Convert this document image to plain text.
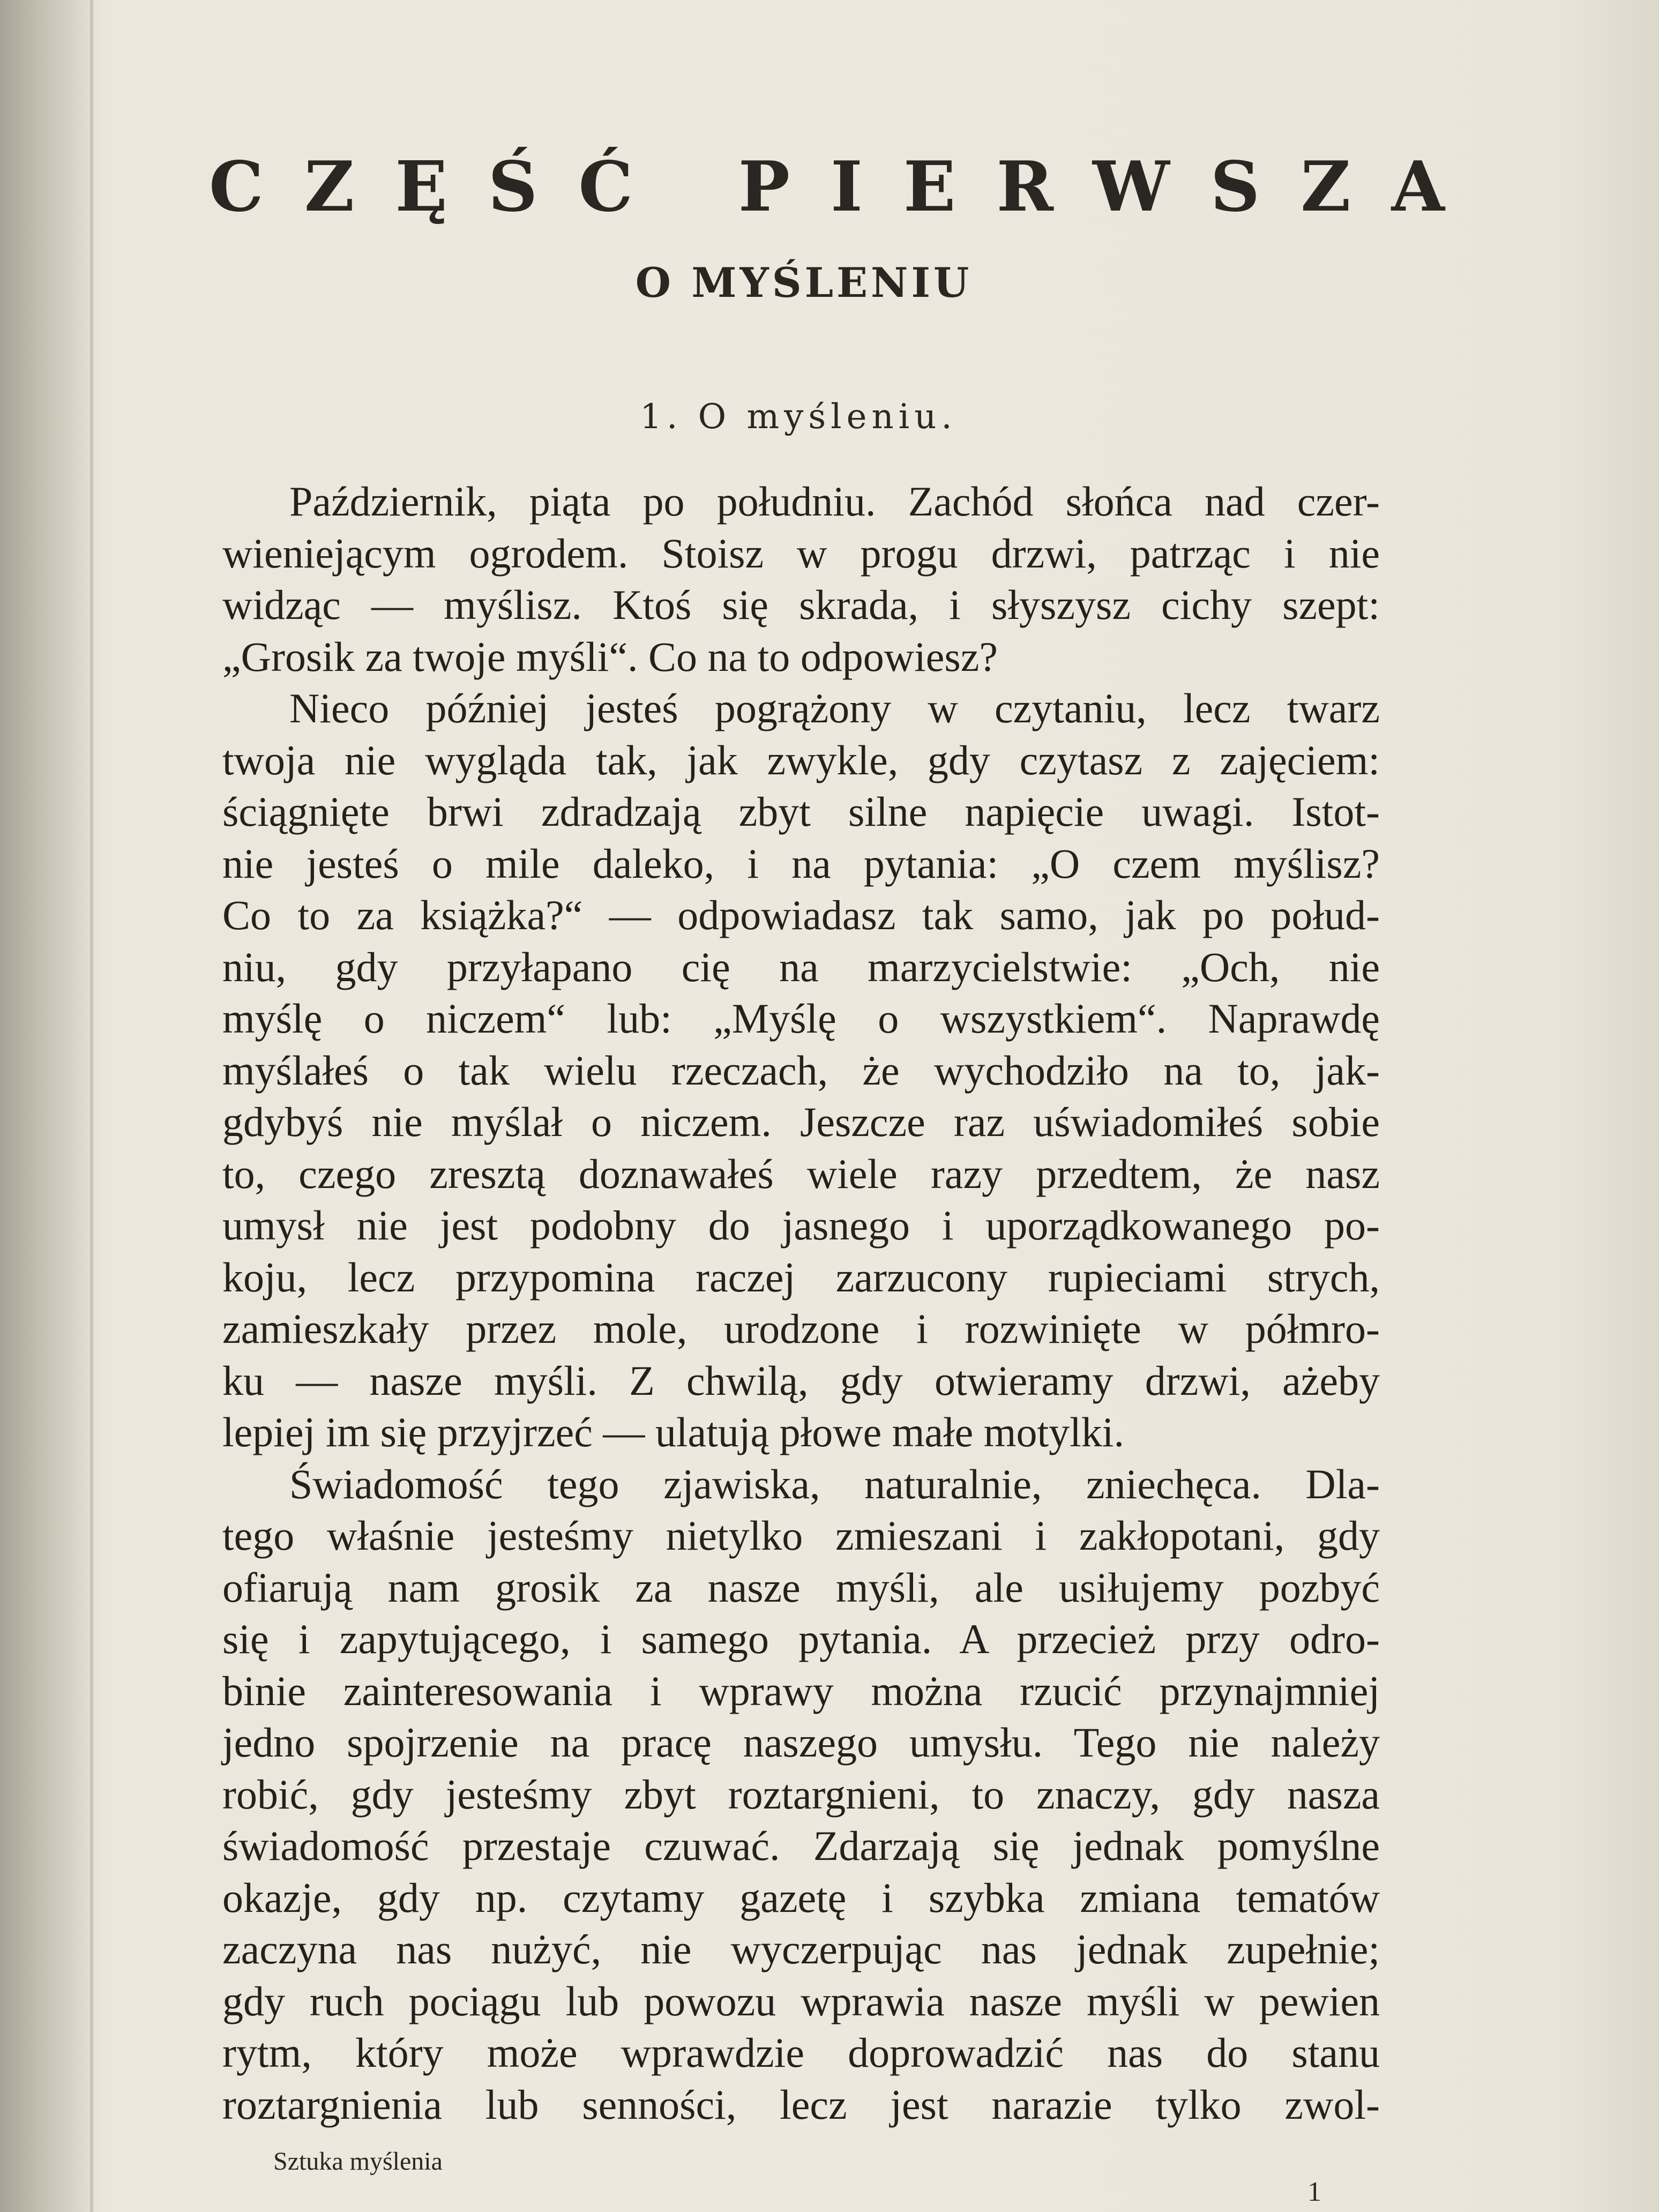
CZĘŚĆ PIERWSZA
O MYŚLENIU
1. O myśleniu.
Październik, piąta po południu. Zachód słońca nad czer-
wieniejącym ogrodem. Stoisz w progu drzwi, patrząc i nie
widząc — myślisz. Ktoś się skrada, i słyszysz cichy szept:
„Grosik za twoje myśli“. Co na to odpowiesz?
Nieco później jesteś pogrążony w czytaniu, lecz twarz
twoja nie wygląda tak, jak zwykle, gdy czytasz z zajęciem:
ściągnięte brwi zdradzają zbyt silne napięcie uwagi. Istot-
nie jesteś o mile daleko, i na pytania: „O czem myślisz?
Co to za książka?“ — odpowiadasz tak samo, jak po połud-
niu, gdy przyłapano cię na marzycielstwie: „Och, nie
myślę o niczem“ lub: „Myślę o wszystkiem“. Naprawdę
myślałeś o tak wielu rzeczach, że wychodziło na to, jak-
gdybyś nie myślał o niczem. Jeszcze raz uświadomiłeś sobie
to, czego zresztą doznawałeś wiele razy przedtem, że nasz
umysł nie jest podobny do jasnego i uporządkowanego po-
koju, lecz przypomina raczej zarzucony rupieciami strych,
zamieszkały przez mole, urodzone i rozwinięte w półmro-
ku — nasze myśli. Z chwilą, gdy otwieramy drzwi, ażeby
lepiej im się przyjrzeć — ulatują płowe małe motylki.
Świadomość tego zjawiska, naturalnie, zniechęca. Dla-
tego właśnie jesteśmy nietylko zmieszani i zakłopotani, gdy
ofiarują nam grosik za nasze myśli, ale usiłujemy pozbyć
się i zapytującego, i samego pytania. A przecież przy odro-
binie zainteresowania i wprawy można rzucić przynajmniej
jedno spojrzenie na pracę naszego umysłu. Tego nie należy
robić, gdy jesteśmy zbyt roztargnieni, to znaczy, gdy nasza
świadomość przestaje czuwać. Zdarzają się jednak pomyślne
okazje, gdy np. czytamy gazetę i szybka zmiana tematów
zaczyna nas nużyć, nie wyczerpując nas jednak zupełnie;
gdy ruch pociągu lub powozu wprawia nasze myśli w pewien
rytm, który może wprawdzie doprowadzić nas do stanu
roztargnienia lub senności, lecz jest narazie tylko zwol-
Sztuka myślenia
1
